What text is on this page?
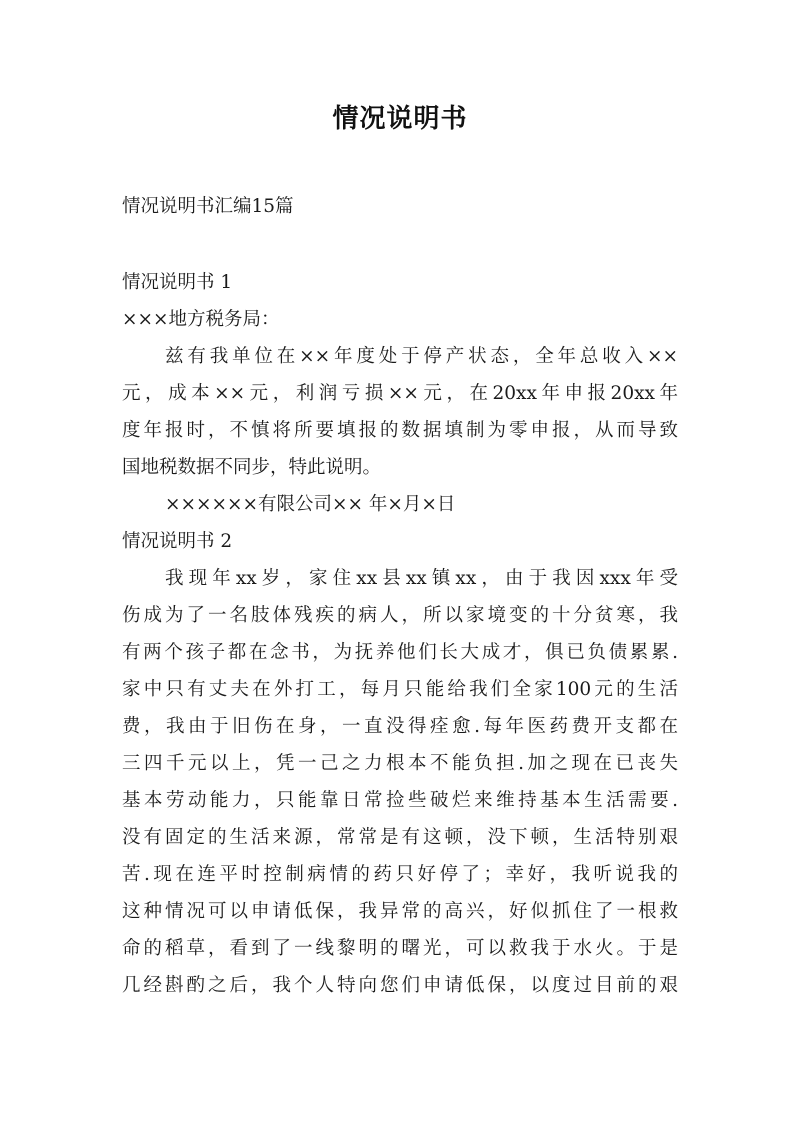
情况说明书
情况说明书汇编15篇
情况说明书 1
×××地方税务局：
兹有我单位在××年度处于停产状态，全年总收入××
元，成本××元，利润亏损××元，在20xx年申报20xx年
度年报时，不慎将所要填报的数据填制为零申报，从而导致
国地税数据不同步，特此说明。
××××××有限公司×× 年×月×日
情况说明书 2
我现年xx岁，家住xx县xx镇xx，由于我因xxx年受
伤成为了一名肢体残疾的病人，所以家境变的十分贫寒，我
有两个孩子都在念书，为抚养他们长大成才，俱已负债累累.
家中只有丈夫在外打工，每月只能给我们全家100元的生活
费，我由于旧伤在身，一直没得痊愈.每年医药费开支都在
三四千元以上，凭一己之力根本不能负担.加之现在已丧失
基本劳动能力，只能靠日常捡些破烂来维持基本生活需要.
没有固定的生活来源，常常是有这顿，没下顿，生活特别艰
苦.现在连平时控制病情的药只好停了；幸好，我听说我的
这种情况可以申请低保，我异常的高兴，好似抓住了一根救
命的稻草，看到了一线黎明的曙光，可以救我于水火。于是
几经斟酌之后，我个人特向您们申请低保，以度过目前的艰
